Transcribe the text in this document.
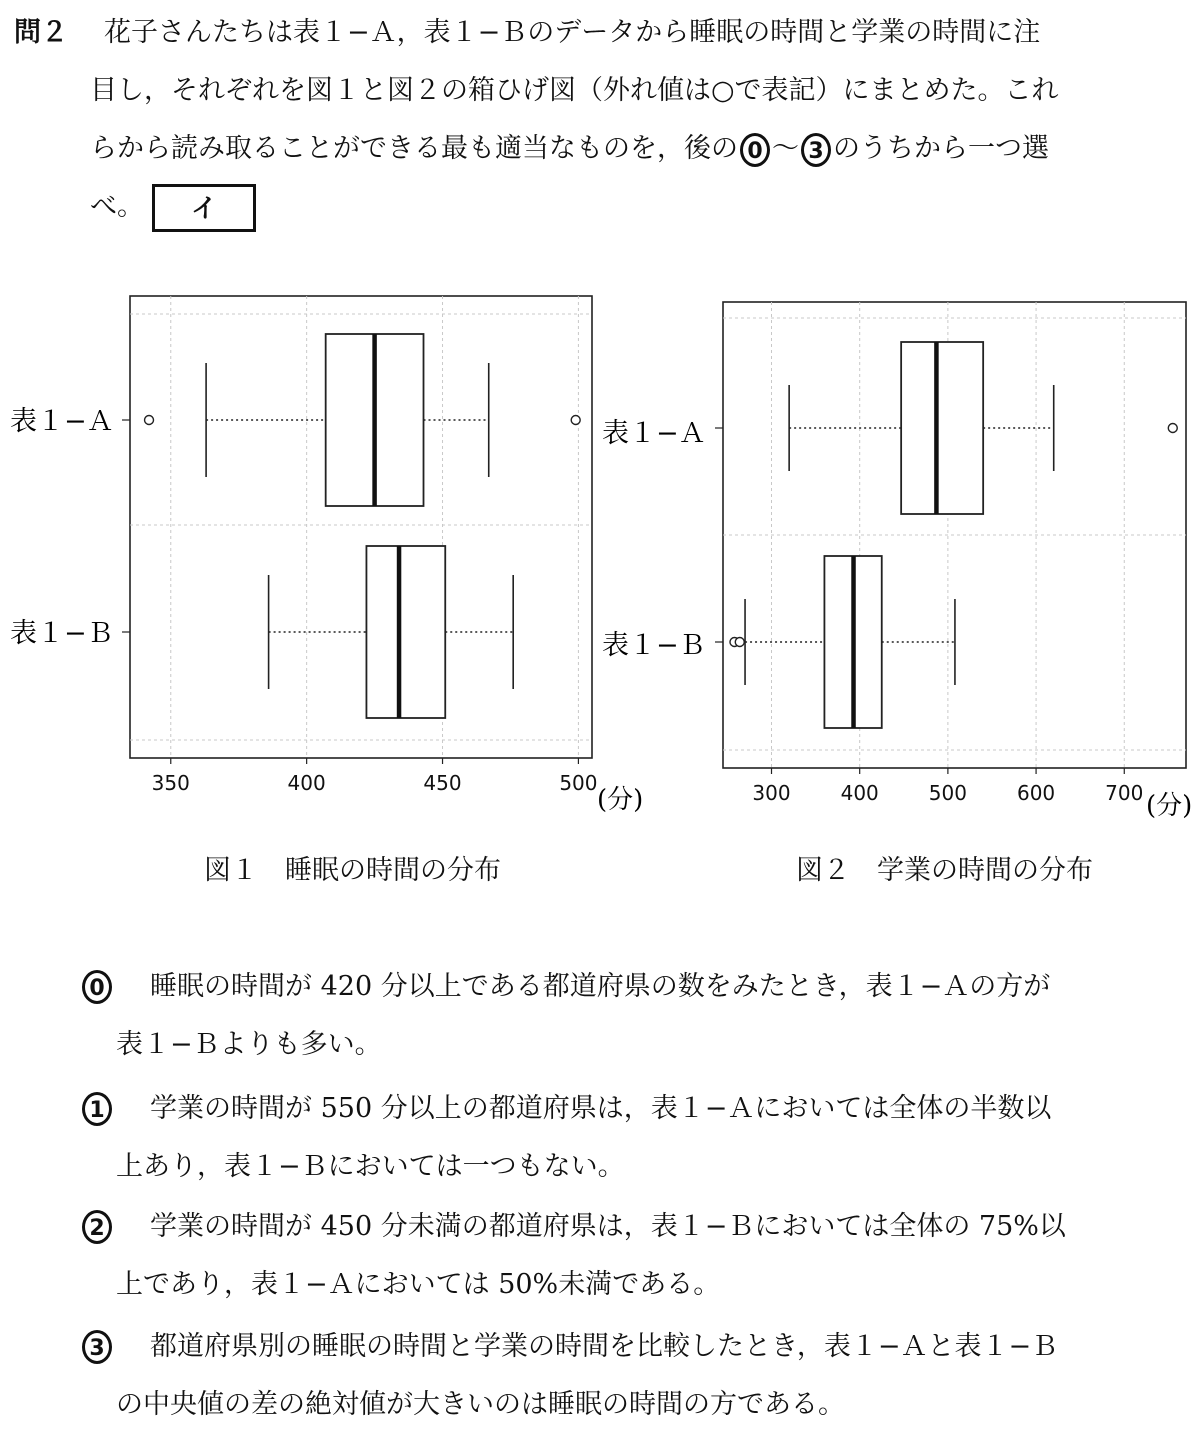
問２ 花子さんたちは表１−Ａ，表１−Ｂのデータから睡眠の時間と学業の時間に注
目し，それぞれを図１と図２の箱ひげ図（外れ値は○で表記）にまとめた。これ
らから読み取ることができる最も適当なものを，後の 0 〜 3 のうちから一つ選
べ。 イ
表１−Ａ
表１−Ｂ
(分)
350	400	450	500
表１−Ａ
表１−Ｂ
(分)
300	400	500	600	700
図１　睡眠の時間の分布	図２　学業の時間の分布
0 睡眠の時間が 420 分以上である都道府県の数をみたとき，表１−Ａの方が
表１−Ｂよりも多い。
1 学業の時間が 550 分以上の都道府県は，表１−Ａにおいては全体の半数以
上あり，表１−Ｂにおいては一つもない。
2 学業の時間が 450 分未満の都道府県は，表１−Ｂにおいては全体の 75%以
上であり，表１−Ａにおいては 50%未満である。
3 都道府県別の睡眠の時間と学業の時間を比較したとき，表１−Ａと表１−Ｂ
の中央値の差の絶対値が大きいのは睡眠の時間の方である。
